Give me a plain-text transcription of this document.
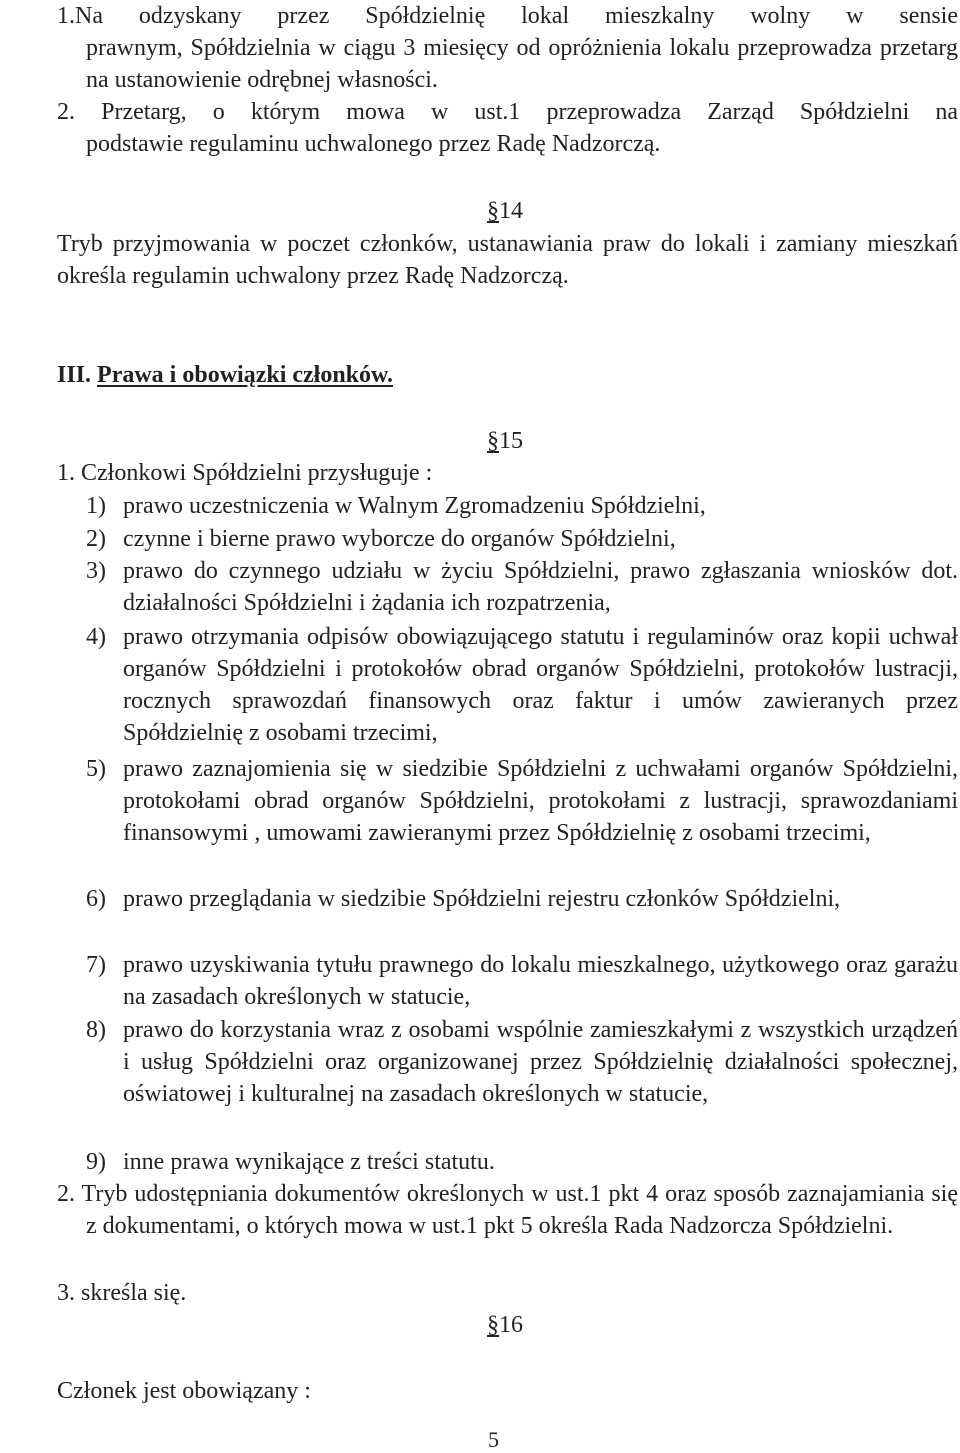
1.Na odzyskany przez Spółdzielnię lokal mieszkalny wolny w sensie
prawnym, Spółdzielnia w ciągu 3 miesięcy od opróżnienia lokalu przeprowadza przetarg na ustanowienie odrębnej własności.
2. Przetarg, o którym mowa w ust.1 przeprowadza Zarząd Spółdzielni na
podstawie regulaminu uchwalonego przez Radę Nadzorczą.
§14
Tryb przyjmowania w poczet członków, ustanawiania praw do lokali i zamiany mieszkań określa regulamin uchwalony przez Radę Nadzorczą.
III. Prawa i obowiązki członków.
§15
1. Członkowi Spółdzielni przysługuje :
1) prawo uczestniczenia w Walnym Zgromadzeniu Spółdzielni,
2) czynne i bierne prawo wyborcze do organów Spółdzielni,
3) prawo do czynnego udziału w życiu Spółdzielni, prawo zgłaszania wniosków dot. działalności Spółdzielni i żądania ich rozpatrzenia,
4) prawo otrzymania odpisów obowiązującego statutu i regulaminów oraz kopii uchwał organów Spółdzielni i protokołów obrad organów Spółdzielni, protokołów lustracji, rocznych sprawozdań finansowych oraz faktur i umów zawieranych przez Spółdzielnię z osobami trzecimi,
5) prawo zaznajomienia się w siedzibie Spółdzielni z uchwałami organów Spółdzielni, protokołami obrad organów Spółdzielni, protokołami z lustracji, sprawozdaniami finansowymi , umowami zawieranymi przez Spółdzielnię z osobami trzecimi,
6) prawo przeglądania w siedzibie Spółdzielni rejestru członków Spółdzielni,
7) prawo uzyskiwania tytułu prawnego do lokalu mieszkalnego, użytkowego oraz garażu na zasadach określonych w statucie,
8) prawo do korzystania wraz z osobami wspólnie zamieszkałymi z wszystkich urządzeń i usług Spółdzielni oraz organizowanej przez Spółdzielnię działalności społecznej, oświatowej i kulturalnej na zasadach określonych w statucie,
9) inne prawa wynikające z treści statutu.
2. Tryb udostępniania dokumentów określonych w ust.1 pkt 4 oraz sposób zaznajamiania się z dokumentami, o których mowa w ust.1 pkt 5 określa Rada Nadzorcza Spółdzielni.
3. skreśla się.
§16
Członek jest obowiązany :
5
